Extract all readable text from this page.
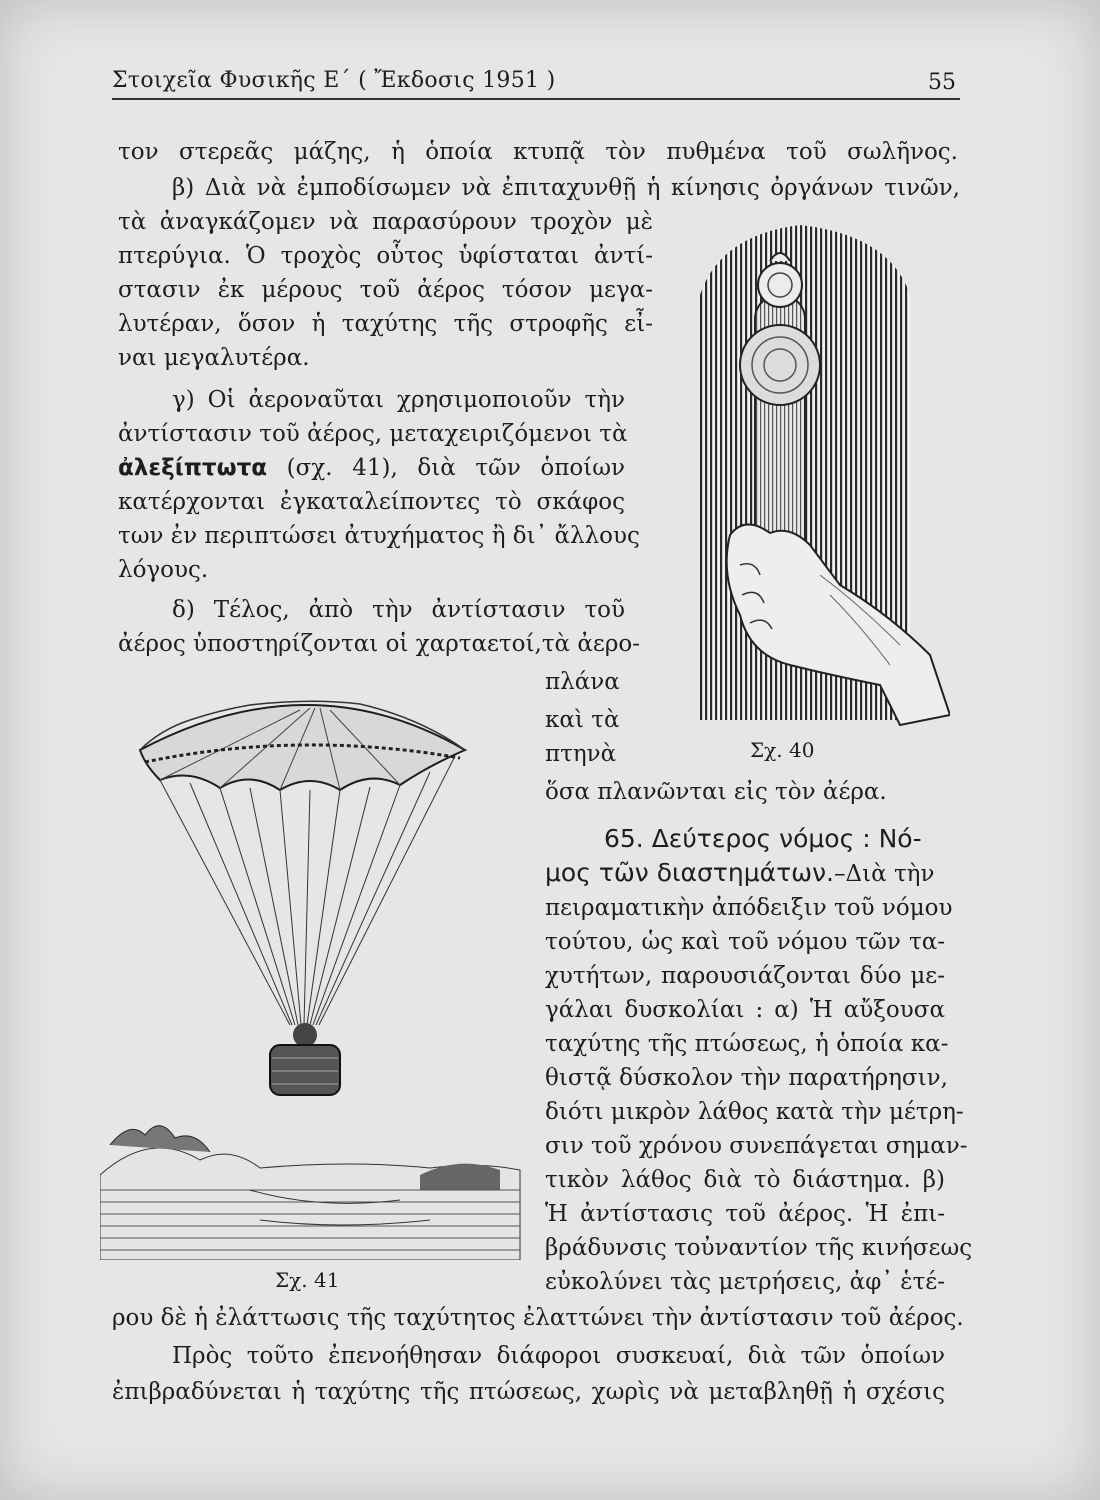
Στοιχεῖα Φυσικῆς Ε΄ ( Ἔκδοσις 1951 )	55
τον στερεᾶς μάζης, ἡ ὁποία κτυπᾷ τὸν πυθμένα τοῦ σωλῆνος.
β) Διὰ νὰ ἐμποδίσωμεν νὰ ἐπιταχυνθῇ ἡ κίνησις ὀργάνων τινῶν,
τὰ ἀναγκάζομεν νὰ παρασύρουν τροχὸν μὲ
πτερύγια. Ὁ τροχὸς οὗτος ὑφίσταται ἀντί-
στασιν ἐκ μέρους τοῦ ἀέρος τόσον μεγα-
λυτέραν, ὅσον ἡ ταχύτης τῆς στροφῆς εἶ-
ναι μεγαλυτέρα.
γ) Οἱ ἀεροναῦται χρησιμοποιοῦν τὴν
ἀντίστασιν τοῦ ἀέρος, μεταχειριζόμενοι τὰ
ἀλεξίπτωτα (σχ. 41), διὰ τῶν ὁποίων
κατέρχονται ἐγκαταλείποντες τὸ σκάφος
των ἐν περιπτώσει ἀτυχήματος ἢ δι᾽ ἄλλους
λόγους.
δ) Τέλος, ἀπὸ τὴν ἀντίστασιν τοῦ
ἀέρος ὑποστηρίζονται οἱ χαρταετοί,τὰ ἀερο-
πλάνα
καὶ τὰ
πτηνὰ
ὅσα πλανῶνται εἰς τὸν ἀέρα.
65. Δεύτερος νόμος : Νό-
μος τῶν διαστημάτων.–Διὰ τὴν
πειραματικὴν ἀπόδειξιν τοῦ νόμου
τούτου, ὡς καὶ τοῦ νόμου τῶν τα-
χυτήτων, παρουσιάζονται δύο με-
γάλαι δυσκολίαι : α) Ἡ αὔξουσα
ταχύτης τῆς πτώσεως, ἡ ὁποία κα-
θιστᾷ δύσκολον τὴν παρατήρησιν,
διότι μικρὸν λάθος κατὰ τὴν μέτρη-
σιν τοῦ χρόνου συνεπάγεται σημαν-
τικὸν λάθος διὰ τὸ διάστημα. β)
Ἡ ἀντίστασις τοῦ ἀέρος. Ἡ ἐπι-
βράδυνσις τοὐναντίον τῆς κινήσεως
εὐκολύνει τὰς μετρήσεις, ἀφ᾽ ἑτέ-
ρου δὲ ἡ ἐλάττωσις τῆς ταχύτητος ἐλαττώνει τὴν ἀντίστασιν τοῦ ἀέρος.
Πρὸς τοῦτο ἐπενοήθησαν διάφοροι συσκευαί, διὰ τῶν ὁποίων
ἐπιβραδύνεται ἡ ταχύτης τῆς πτώσεως, χωρὶς νὰ μεταβληθῇ ἡ σχέσις
Σχ. 40
Σχ. 41
